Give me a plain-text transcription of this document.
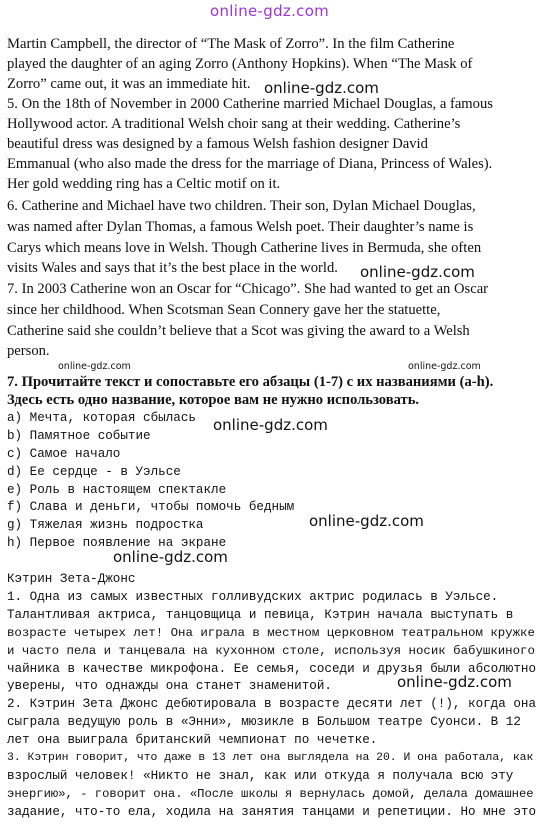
online-gdz.com
Martin Campbell, the director of “The Mask of Zorro”. In the film Catherine
played the daughter of an aging Zorro (Anthony Hopkins). When “The Mask of
Zorro” came out, it was an immediate hit.
5. On the 18th of November in 2000 Catherine married Michael Douglas, a famous
Hollywood actor. A traditional Welsh choir sang at their wedding. Catherine’s
beautiful dress was designed by a famous Welsh fashion designer David
Emmanual (who also made the dress for the marriage of Diana, Princess of Wales).
Her gold wedding ring has a Celtic motif on it.
6. Catherine and Michael have two children. Their son, Dylan Michael Douglas,
was named after Dylan Thomas, a famous Welsh poet. Their daughter’s name is
Carys which means love in Welsh. Though Catherine lives in Bermuda, she often
visits Wales and says that it’s the best place in the world.
7. In 2003 Catherine won an Oscar for “Chicago”. She had wanted to get an Oscar
since her childhood. When Scotsman Sean Connery gave her the statuette,
Catherine said she couldn’t believe that a Scot was giving the award to a Welsh
person.
online-gdz.com
online-gdz.com
online-gdz.com	online-gdz.com
7. Прочитайте текст и сопоставьте его абзацы (1-7) с их названиями (a-h).
Здесь есть одно название, которое вам не нужно использовать.
a) Мечта, которая сбылась
b) Памятное событие
c) Самое начало
d) Ее сердце - в Уэльсе
e) Роль в настоящем спектакле
f) Слава и деньги, чтобы помочь бедным
g) Тяжелая жизнь подростка
h) Первое появление на экране
online-gdz.com
online-gdz.com
online-gdz.com
Кэтрин Зета-Джонс
1. Одна из самых известных голливудских актрис родилась в Уэльсе.
Талантливая актриса, танцовщица и певица, Кэтрин начала выступать в
возрасте четырех лет! Она играла в местном церковном театральном кружке
и часто пела и танцевала на кухонном столе, используя носик бабушкиного
чайника в качестве микрофона. Ее семья, соседи и друзья были абсолютно
уверены, что однажды она станет знаменитой.
2. Кэтрин Зета Джонс дебютировала в возрасте десяти лет (!), когда она
сыграла ведущую роль в «Энни», мюзикле в Большом театре Суонси. В 12
лет она выиграла британский чемпионат по чечетке.
3. Кэтрин говорит, что даже в 13 лет она выглядела на 20. И она работала, как
взрослый человек! «Никто не знал, как или откуда я получала всю эту
энергию», - говорит она. «После школы я вернулась домой, делала домашнее
задание, что-то ела, ходила на занятия танцами и репетиции. Но мне это
online-gdz.com
